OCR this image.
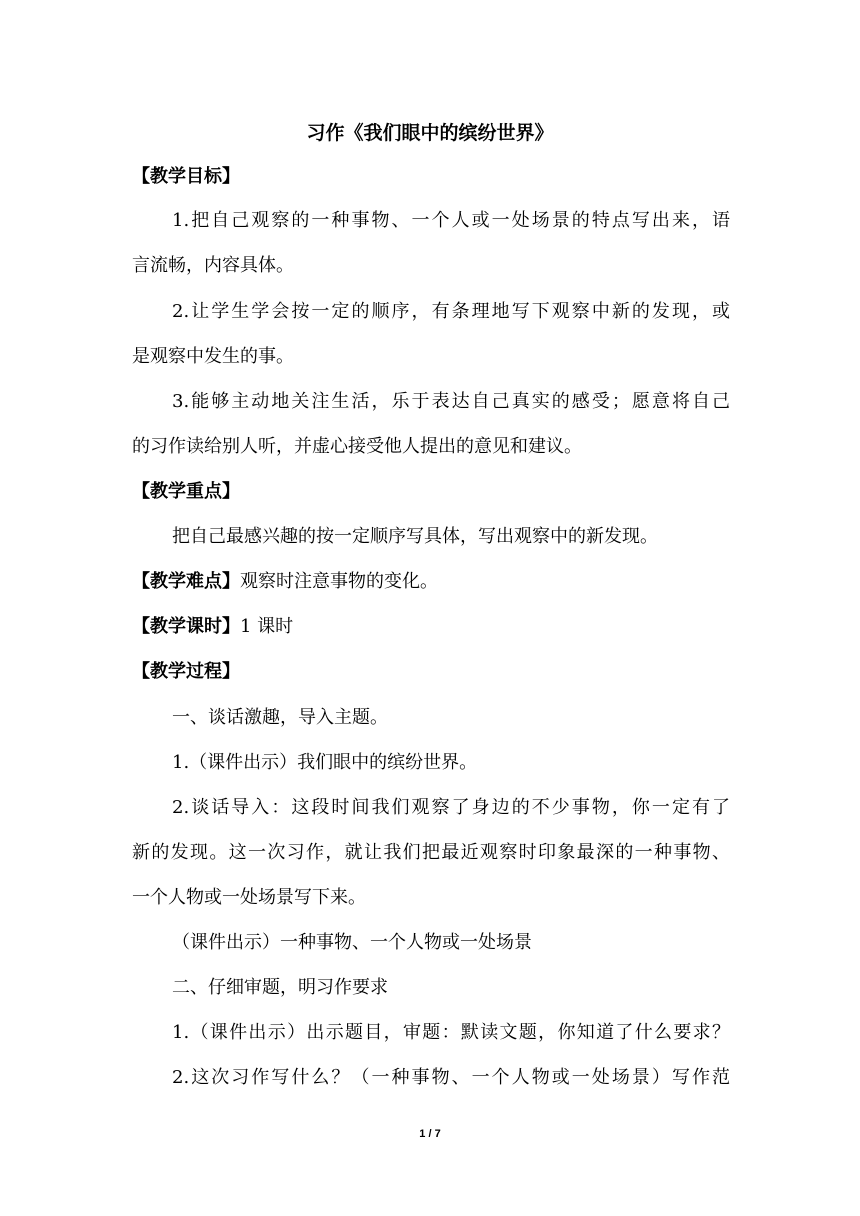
习作《我们眼中的缤纷世界》
【教学目标】
1.把自己观察的一种事物、一个人或一处场景的特点写出来，语
言流畅，内容具体。
2.让学生学会按一定的顺序，有条理地写下观察中新的发现，或
是观察中发生的事。
3.能够主动地关注生活，乐于表达自己真实的感受；愿意将自己
的习作读给别人听，并虚心接受他人提出的意见和建议。
【教学重点】
把自己最感兴趣的按一定顺序写具体，写出观察中的新发现。
【教学难点】观察时注意事物的变化。
【教学课时】1 课时
【教学过程】
一、谈话激趣，导入主题。
1.（课件出示）我们眼中的缤纷世界。
2.谈话导入：这段时间我们观察了身边的不少事物，你一定有了
新的发现。这一次习作，就让我们把最近观察时印象最深的一种事物、
一个人物或一处场景写下来。
（课件出示）一种事物、一个人物或一处场景
二、仔细审题，明习作要求
1.（课件出示）出示题目，审题：默读文题，你知道了什么要求？
2.这次习作写什么？（一种事物、一个人物或一处场景）写作范
1 / 7
